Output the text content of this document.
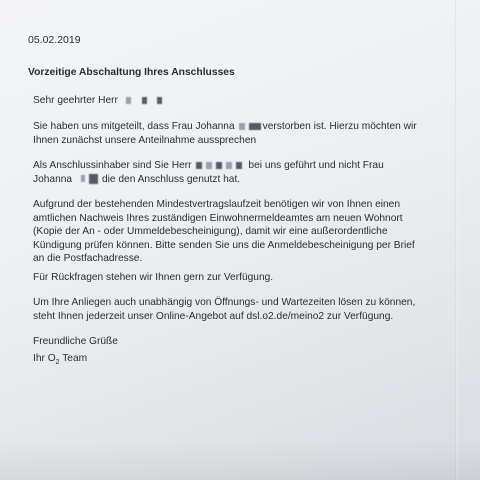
05.02.2019
Vorzeitige Abschaltung Ihres Anschlusses
Sehr geehrter Herr
Sie haben uns mitgeteilt, dass Frau Johanna	verstorben ist. Hierzu möchten wir
Ihnen zunächst unsere Anteilnahme aussprechen
Als Anschlussinhaber sind Sie Herr	bei uns geführt und nicht Frau
Johanna	die den Anschluss genutzt hat.
Aufgrund der bestehenden Mindestvertragslaufzeit benötigen wir von Ihnen einen
amtlichen Nachweis Ihres zuständigen Einwohnermeldeamtes am neuen Wohnort
(Kopie der An - oder Ummeldebescheinigung), damit wir eine außerordentliche
Kündigung prüfen können. Bitte senden Sie uns die Anmeldebescheinigung per Brief
an die Postfachadresse.
Für Rückfragen stehen wir Ihnen gern zur Verfügung.
Um Ihre Anliegen auch unabhängig von Öffnungs- und Wartezeiten lösen zu können,
steht Ihnen jederzeit unser Online-Angebot auf dsl.o2.de/meino2 zur Verfügung.
Freundliche Grüße
Ihr $O_2$ Team
